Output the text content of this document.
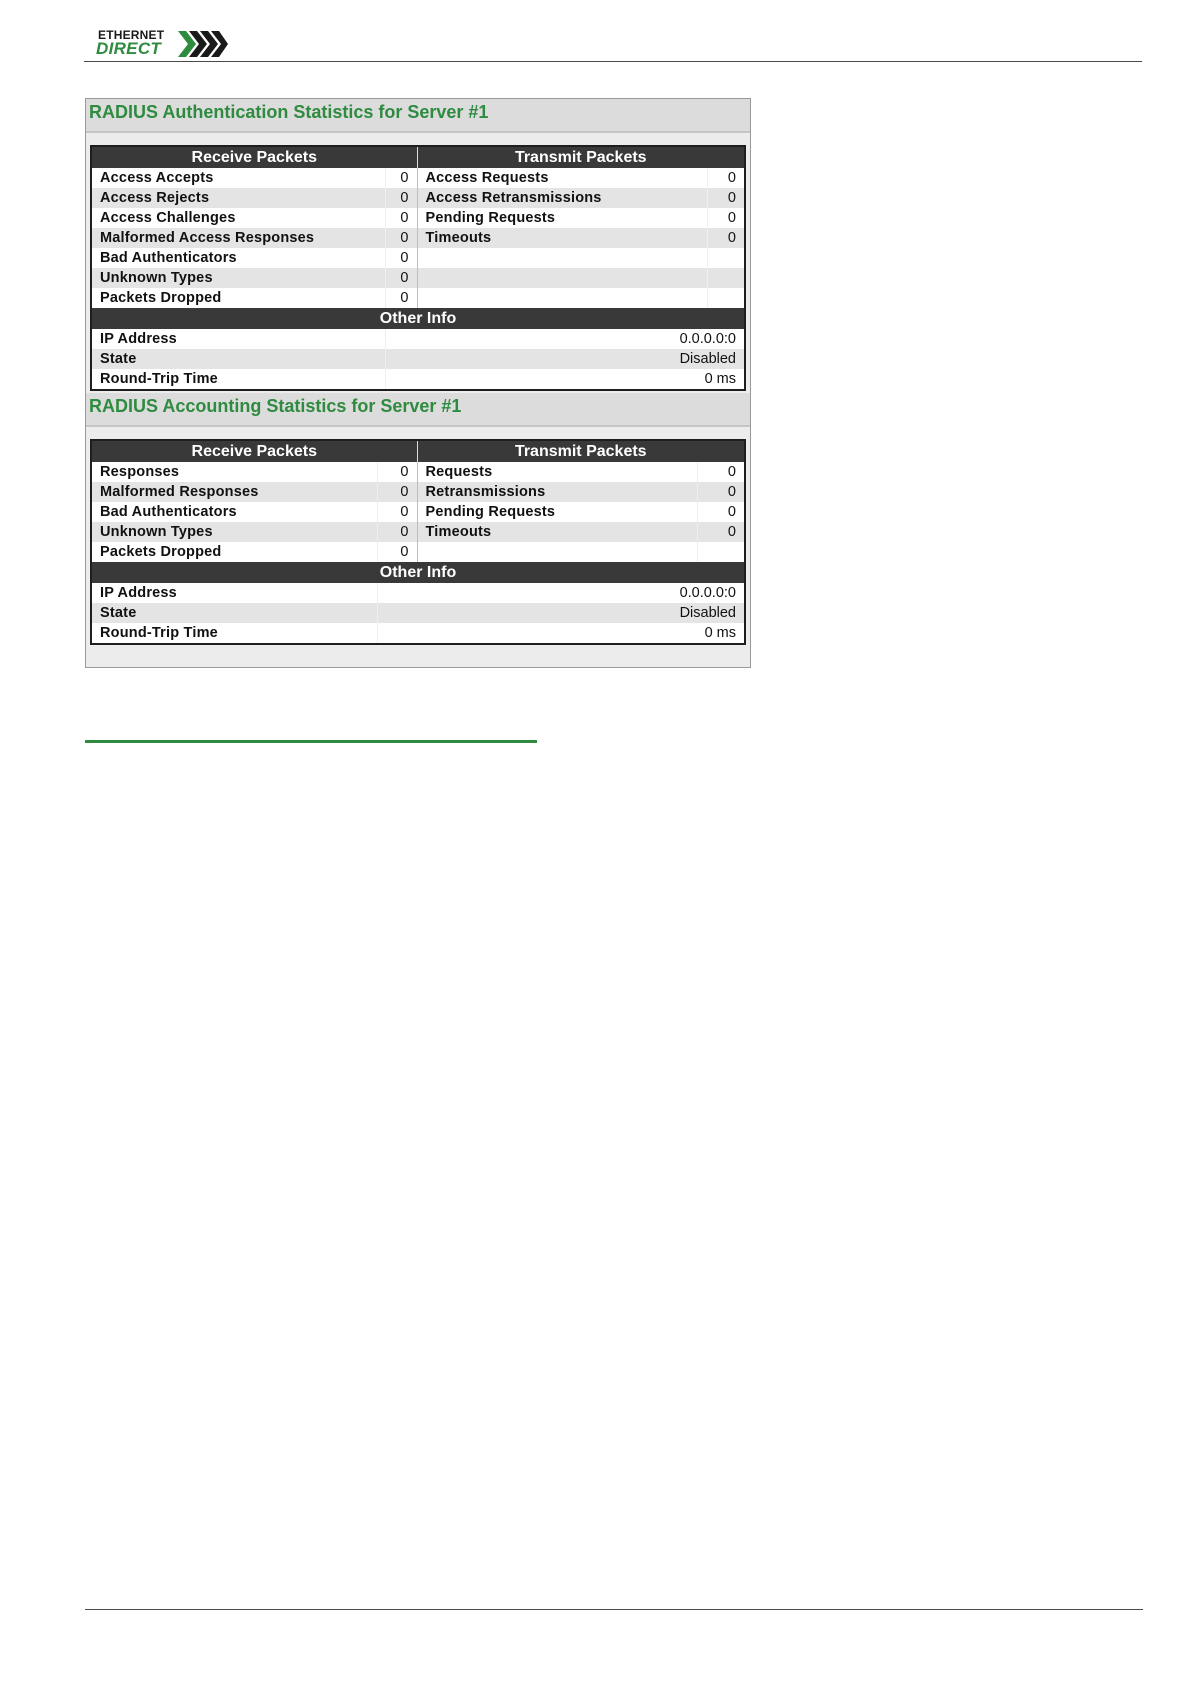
ETHERNET
DIRECT
RADIUS Authentication Statistics for Server #1
Receive Packets		Transmit Packets	
Access Accepts	0	Access Requests	0
Access Rejects	0	Access Retransmissions	0
Access Challenges	0	Pending Requests	0
Malformed Access Responses	0	Timeouts	0
Bad Authenticators	0		
Unknown Types	0		
Packets Dropped	0		
Other Info			
IP Address	0.0.0.0:0		
State	Disabled		
Round-Trip Time	0 ms		
RADIUS Accounting Statistics for Server #1
Receive Packets		Transmit Packets	
Responses	0	Requests	0
Malformed Responses	0	Retransmissions	0
Bad Authenticators	0	Pending Requests	0
Unknown Types	0	Timeouts	0
Packets Dropped	0		
Other Info			
IP Address	0.0.0.0:0		
State	Disabled		
Round-Trip Time	0 ms		
